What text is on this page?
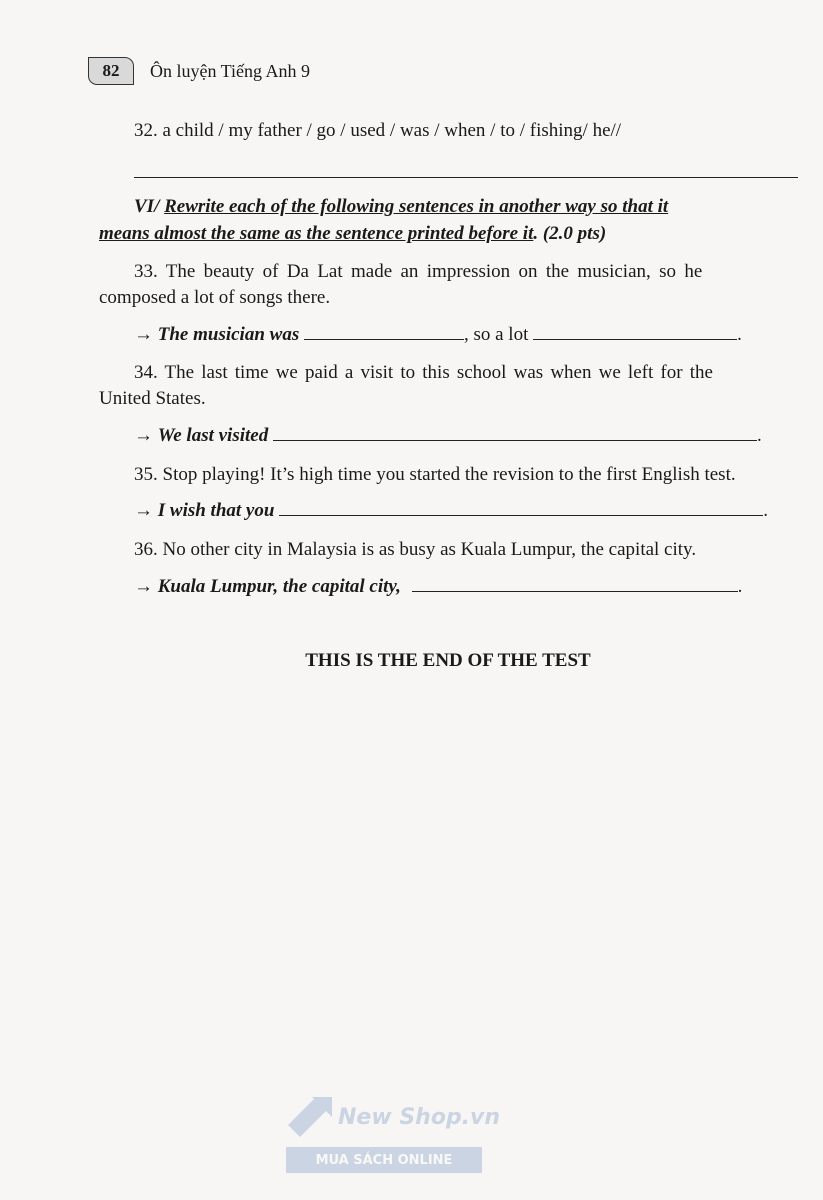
82	Ôn luyện Tiếng Anh 9
32. a child / my father / go / used / was / when / to / fishing/ he//
VI/ Rewrite each of the following sentences in another way so that it
means almost the same as the sentence printed before it. (2.0 pts)
33. The beauty of Da Lat made an impression on the musician, so he
composed a lot of songs there.
→ The musician was	, so a lot	.
34. The last time we paid a visit to this school was when we left for the
United States.
→ We last visited	.
35. Stop playing! It’s high time you started the revision to the first English test.
→ I wish that you	.
36. No other city in Malaysia is as busy as Kuala Lumpur, the capital city.
→ Kuala Lumpur, the capital city,	.
THIS IS THE END OF THE TEST
New Shop.vn
MUA SÁCH ONLINE
